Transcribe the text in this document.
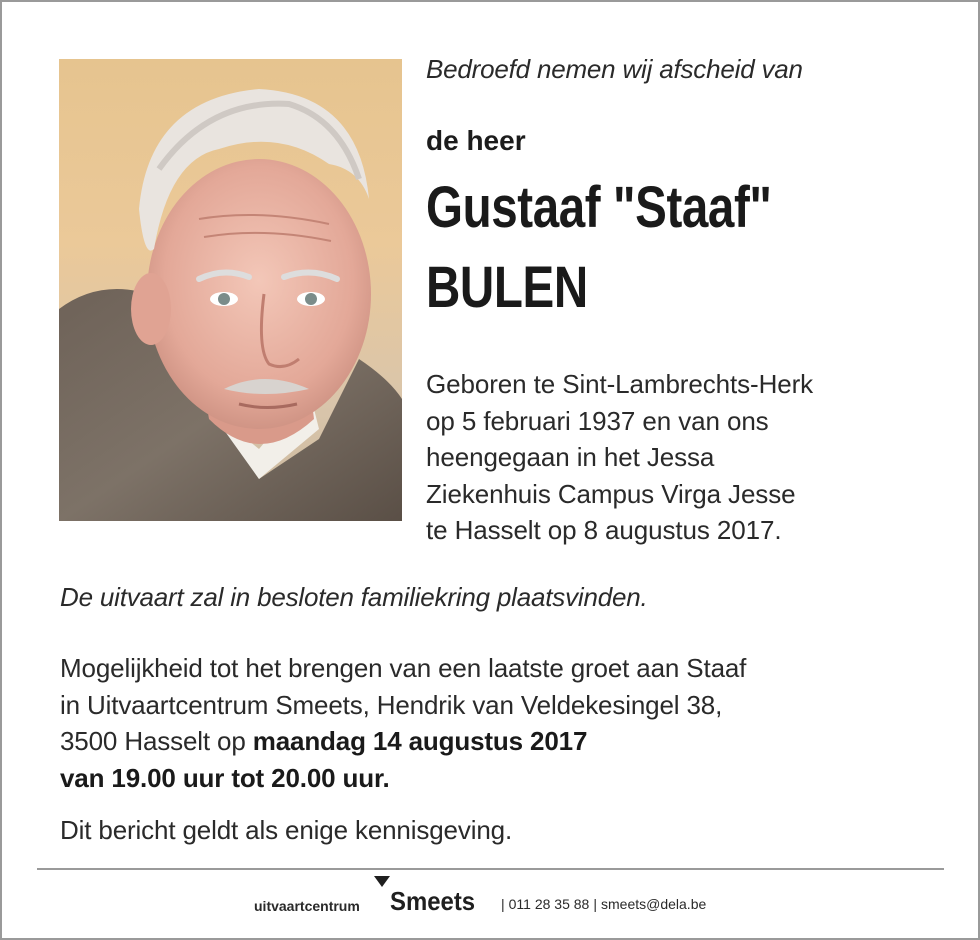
Bedroefd nemen wij afscheid van
de heer
Gustaaf "Staaf"
BULEN
Geboren te Sint-Lambrechts-Herk
op 5 februari 1937 en van ons
heengegaan in het Jessa
Ziekenhuis Campus Virga Jesse
te Hasselt op 8 augustus 2017.
De uitvaart zal in besloten familiekring plaatsvinden.
Mogelijkheid tot het brengen van een laatste groet aan Staaf
in Uitvaartcentrum Smeets, Hendrik van Veldekesingel 38,
3500 Hasselt op maandag 14 augustus 2017
van 19.00 uur tot 20.00 uur.
Dit bericht geldt als enige kennisgeving.
uitvaartcentrum Smeets | 011 28 35 88 | smeets@dela.be
